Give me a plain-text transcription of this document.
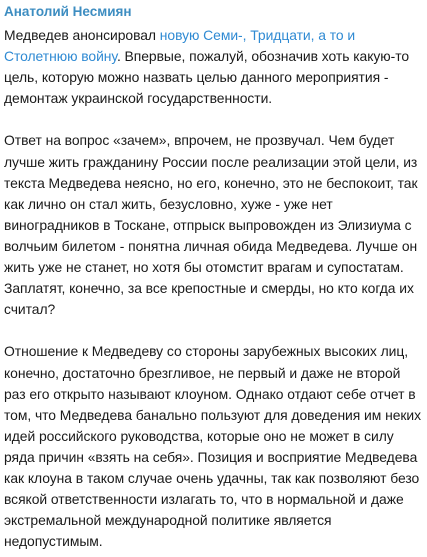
Анатолий Несмиян

Медведев анонсировал новую Семи-, Тридцати, а то и Столетнюю войну. Впервые, пожалуй, обозначив хоть какую-то цель, которую можно назвать целью данного мероприятия - демонтаж украинской государственности.

Ответ на вопрос «зачем», впрочем, не прозвучал. Чем будет лучше жить гражданину России после реализации этой цели, из текста Медведева неясно, но его, конечно, это не беспокоит, так как лично он стал жить, безусловно, хуже - уже нет виноградников в Тоскане, отпрыск выпровожден из Элизиума с волчьим билетом - понятна личная обида Медведева. Лучше он жить уже не станет, но хотя бы отомстит врагам и супостатам. Заплатят, конечно, за все крепостные и смерды, но кто когда их считал?

Отношение к Медведеву со стороны зарубежных высоких лиц, конечно, достаточно брезгливое, не первый и даже не второй раз его открыто называют клоуном. Однако отдают себе отчет в том, что Медведева банально пользуют для доведения им неких идей российского руководства, которые оно не может в силу ряда причин «взять на себя». Позиция и восприятие Медведева как клоуна в таком случае очень удачны, так как позволяют безо всякой ответственности излагать то, что в нормальной и даже экстремальной международной политике является недопустимым.
